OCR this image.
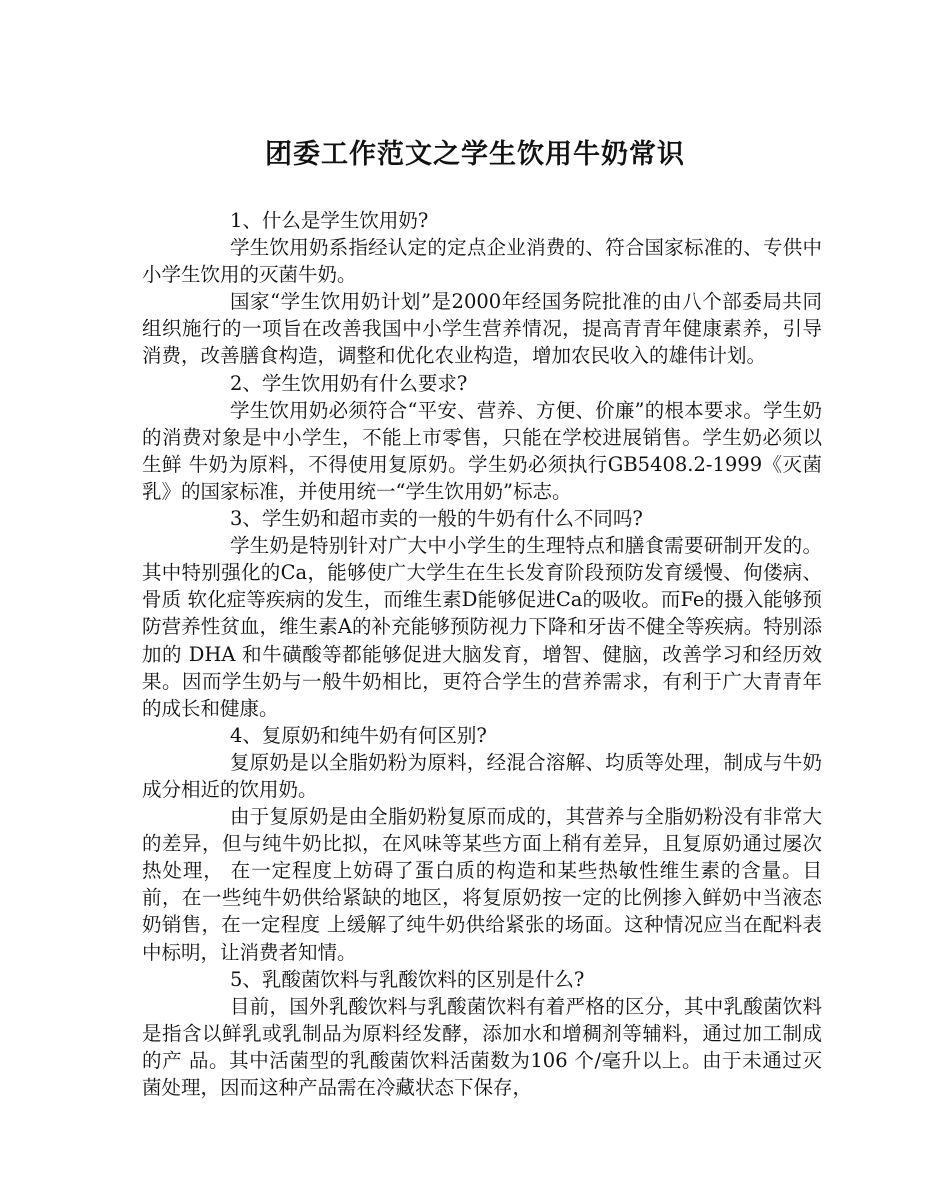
团委工作范文之学生饮用牛奶常识

1、什么是学生饮用奶?

学生饮用奶系指经认定的定点企业消费的、符合国家标准的、专供中小学生饮用的灭菌牛奶。

国家“学生饮用奶计划”是2000年经国务院批准的由八个部委局共同组织施行的一项旨在改善我国中小学生营养情况，提高青青年健康素养，引导消费，改善膳食构造，调整和优化农业构造，增加农民收入的雄伟计划。

2、学生饮用奶有什么要求?

学生饮用奶必须符合“平安、营养、方便、价廉”的根本要求。学生奶的消费对象是中小学生，不能上市零售，只能在学校进展销售。学生奶必须以生鲜 牛奶为原料，不得使用复原奶。学生奶必须执行GB5408.2-1999《灭菌乳》的国家标准，并使用统一“学生饮用奶”标志。

3、学生奶和超市卖的一般的牛奶有什么不同吗?

学生奶是特别针对广大中小学生的生理特点和膳食需要研制开发的。其中特别强化的Ca，能够使广大学生在生长发育阶段预防发育缓慢、佝偻病、骨质 软化症等疾病的发生，而维生素D能够促进Ca的吸收。而Fe的摄入能够预防营养性贫血，维生素A的补充能够预防视力下降和牙齿不健全等疾病。特别添加的 DHA 和牛磺酸等都能够促进大脑发育，增智、健脑，改善学习和经历效果。因而学生奶与一般牛奶相比，更符合学生的营养需求，有利于广大青青年的成长和健康。

4、复原奶和纯牛奶有何区别?

复原奶是以全脂奶粉为原料，经混合溶解、均质等处理，制成与牛奶成分相近的饮用奶。

由于复原奶是由全脂奶粉复原而成的，其营养与全脂奶粉没有非常大的差异，但与纯牛奶比拟，在风味等某些方面上稍有差异，且复原奶通过屡次热处理， 在一定程度上妨碍了蛋白质的构造和某些热敏性维生素的含量。目前，在一些纯牛奶供给紧缺的地区，将复原奶按一定的比例掺入鲜奶中当液态奶销售，在一定程度 上缓解了纯牛奶供给紧张的场面。这种情况应当在配料表中标明，让消费者知情。

5、乳酸菌饮料与乳酸饮料的区别是什么?

目前，国外乳酸饮料与乳酸菌饮料有着严格的区分，其中乳酸菌饮料是指含以鲜乳或乳制品为原料经发酵，添加水和增稠剂等辅料，通过加工制成的产 品。其中活菌型的乳酸菌饮料活菌数为106 个/毫升以上。由于未通过灭菌处理，因而这种产品需在冷藏状态下保存，
